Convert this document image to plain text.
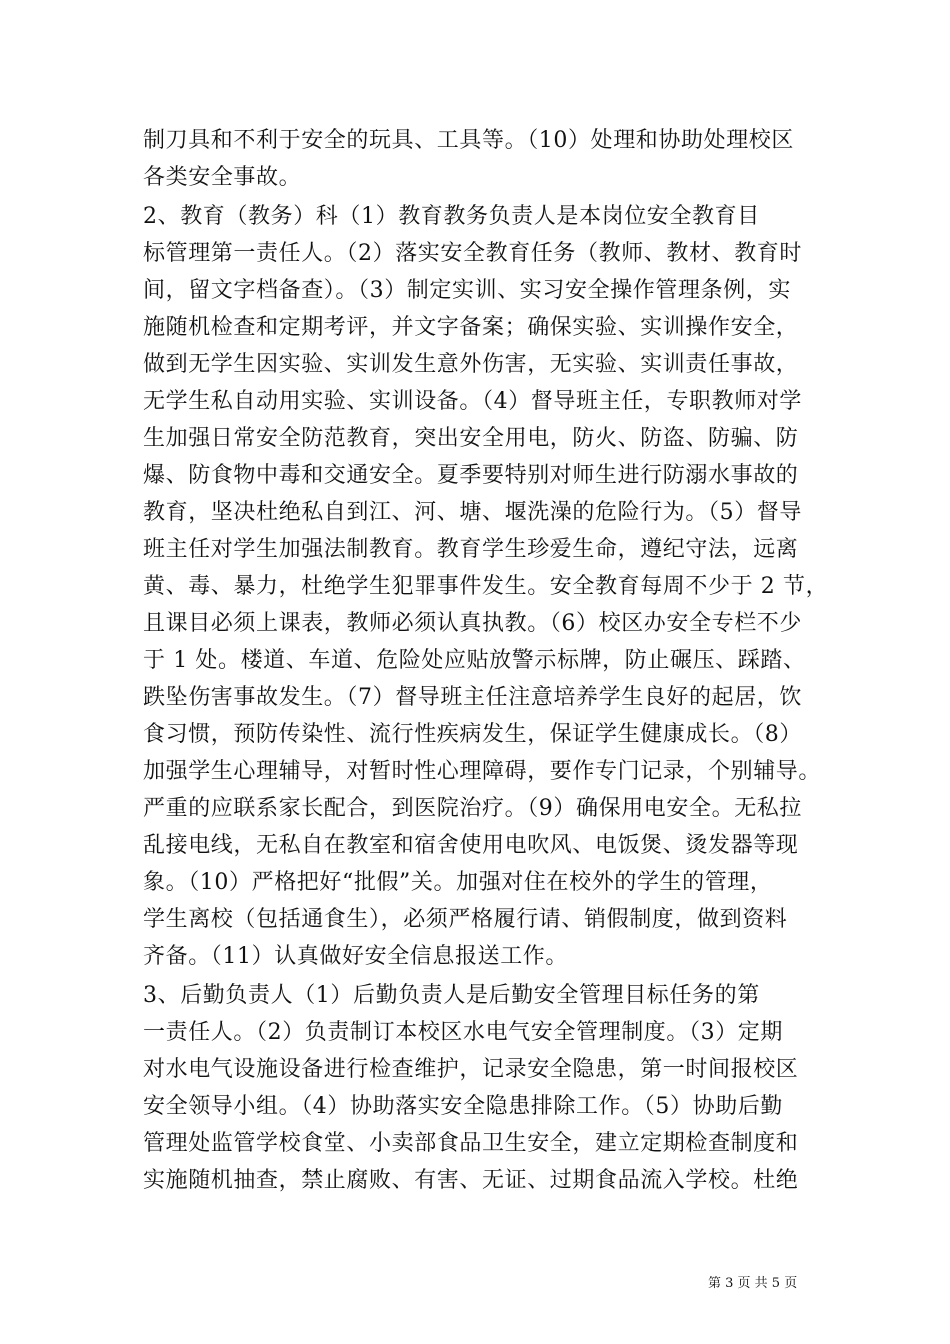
制刀具和不利于安全的玩具、工具等。（10）处理和协助处理校区
各类安全事故。
2、教育（教务）科（1）教育教务负责人是本岗位安全教育目
标管理第一责任人。（2）落实安全教育任务（教师、教材、教育时
间，留文字档备查）。（3）制定实训、实习安全操作管理条例，实
施随机检查和定期考评，并文字备案；确保实验、实训操作安全，
做到无学生因实验、实训发生意外伤害，无实验、实训责任事故，
无学生私自动用实验、实训设备。（4）督导班主任，专职教师对学
生加强日常安全防范教育，突出安全用电，防火、防盗、防骗、防
爆、防食物中毒和交通安全。夏季要特别对师生进行防溺水事故的
教育，坚决杜绝私自到江、河、塘、堰洗澡的危险行为。（5）督导
班主任对学生加强法制教育。教育学生珍爱生命，遵纪守法，远离
黄、毒、暴力，杜绝学生犯罪事件发生。安全教育每周不少于 2 节，
且课目必须上课表，教师必须认真执教。（6）校区办安全专栏不少
于 1 处。楼道、车道、危险处应贴放警示标牌，防止碾压、踩踏、
跌坠伤害事故发生。（7）督导班主任注意培养学生良好的起居，饮
食习惯，预防传染性、流行性疾病发生，保证学生健康成长。（8）
加强学生心理辅导，对暂时性心理障碍，要作专门记录，个别辅导。
严重的应联系家长配合，到医院治疗。（9）确保用电安全。无私拉
乱接电线，无私自在教室和宿舍使用电吹风、电饭煲、烫发器等现
象。（10）严格把好“批假”关。加强对住在校外的学生的管理，
学生离校（包括通食生），必须严格履行请、销假制度，做到资料
齐备。（11）认真做好安全信息报送工作。
3、后勤负责人（1）后勤负责人是后勤安全管理目标任务的第
一责任人。（2）负责制订本校区水电气安全管理制度。（3）定期
对水电气设施设备进行检查维护，记录安全隐患，第一时间报校区
安全领导小组。（4）协助落实安全隐患排除工作。（5）协助后勤
管理处监管学校食堂、小卖部食品卫生安全，建立定期检查制度和
实施随机抽查，禁止腐败、有害、无证、过期食品流入学校。杜绝
第 3 页 共 5 页
